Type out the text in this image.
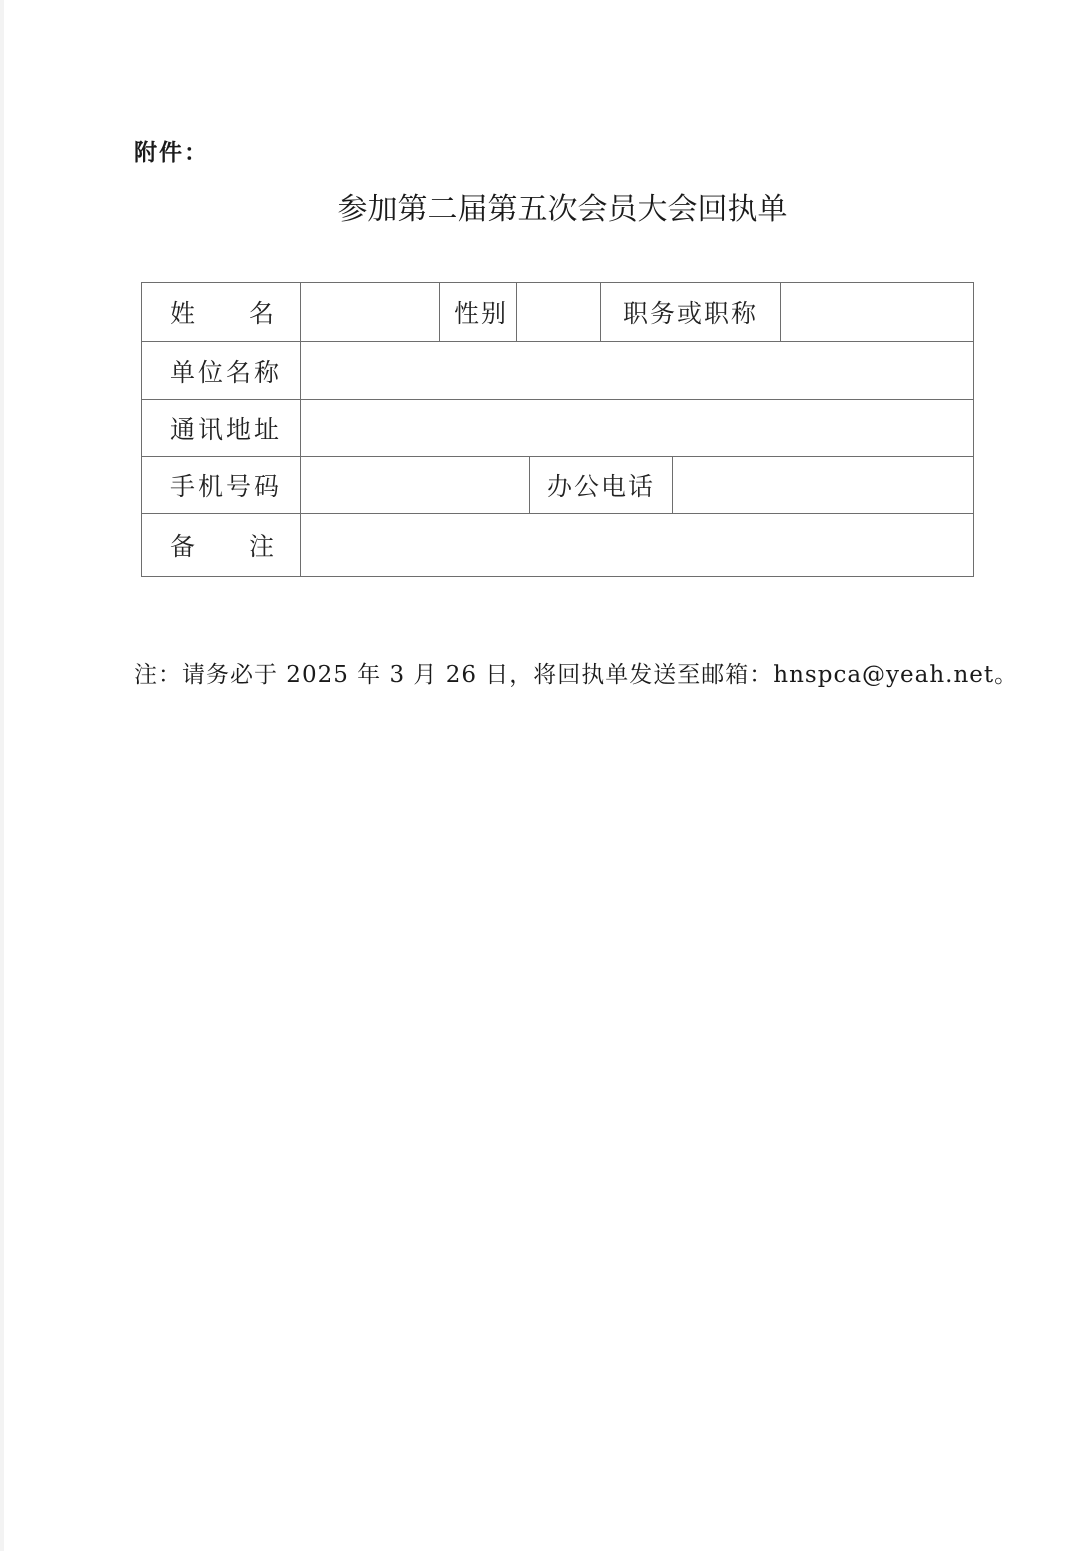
附件：
参加第二届第五次会员大会回执单
姓 名		性别			职务或职称		
单位名称							
通讯地址							
手机号码				办公电话			

备 注							

注：请务必于 2025 年 3 月 26 日，将回执单发送至邮箱：hnspca@yeah.net。
